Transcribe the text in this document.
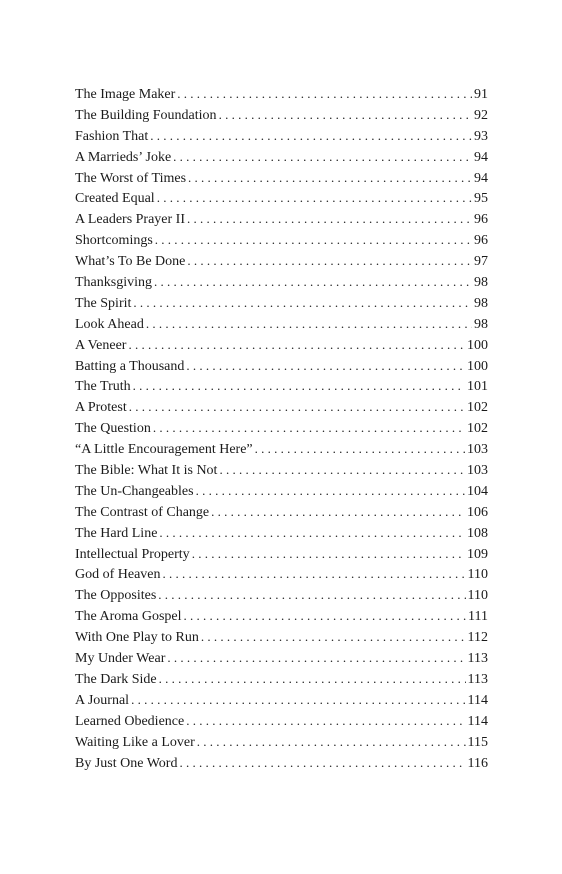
The Image Maker . . .	91
The Building Foundation . . .	92
Fashion That . . .	93
A Marrieds’ Joke . . .	94
The Worst of Times . . .	94
Created Equal . . .	95
A Leaders Prayer II . . .	96
Shortcomings . . .	96
What’s To Be Done . . .	97
Thanksgiving . . .	98
The Spirit . . .	98
Look Ahead . . .	98
A Veneer . . .	100
Batting a Thousand . . .	100
The Truth . . .	101
A Protest . . .	102
The Question . . .	102
“A Little Encouragement Here” . . .	103
The Bible: What It is Not . . .	103
The Un-Changeables . . .	104
The Contrast of Change . . .	106
The Hard Line . . .	108
Intellectual Property . . .	109
God of Heaven . . .	110
The Opposites . . .	110
The Aroma Gospel . . .	111
With One Play to Run . . .	112
My Under Wear . . .	113
The Dark Side . . .	113
A Journal . . .	114
Learned Obedience . . .	114
Waiting Like a Lover . . .	115
By Just One Word . . .	116
